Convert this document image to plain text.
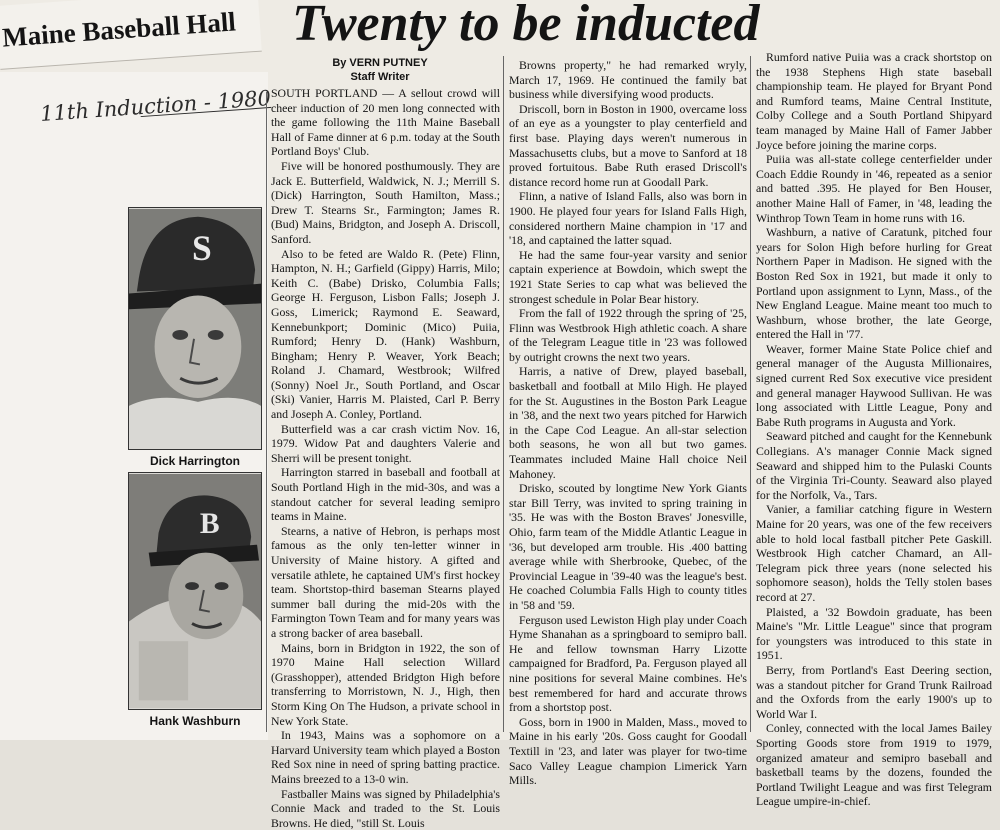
Maine Baseball Hall
11th Induction - 1980
Twenty to be inducted
By VERN PUTNEY
Staff Writer
S
Dick Harrington
B
Hank Washburn

SOUTH PORTLAND — A sellout crowd will cheer induction of 20 men long connected with the game following the 11th Maine Baseball Hall of Fame dinner at 6 p.m. today at the South Portland Boys' Club.

Five will be honored posthumously. They are Jack E. Butterfield, Waldwick, N. J.; Merrill S. (Dick) Harrington, South Hamilton, Mass.; Drew T. Stearns Sr., Farmington; James R. (Bud) Mains, Bridgton, and Joseph A. Driscoll, Sanford.

Also to be feted are Waldo R. (Pete) Flinn, Hampton, N. H.; Garfield (Gippy) Harris, Milo; Keith C. (Babe) Drisko, Columbia Falls; George H. Ferguson, Lisbon Falls; Joseph J. Goss, Limerick; Raymond E. Seaward, Kennebunkport; Dominic (Mico) Puiia, Rumford; Henry D. (Hank) Washburn, Bingham; Henry P. Weaver, York Beach; Roland J. Chamard, Westbrook; Wilfred (Sonny) Noel Jr., South Portland, and Oscar (Ski) Vanier, Harris M. Plaisted, Carl P. Berry and Joseph A. Conley, Portland.

Butterfield was a car crash victim Nov. 16, 1979. Widow Pat and daughters Valerie and Sherri will be present tonight.

Harrington starred in baseball and football at South Portland High in the mid-30s, and was a standout catcher for several leading semipro teams in Maine.

Stearns, a native of Hebron, is perhaps most famous as the only ten-letter winner in University of Maine history. A gifted and versatile athlete, he captained UM's first hockey team. Shortstop-third baseman Stearns played summer ball during the mid-20s with the Farmington Town Team and for many years was a strong backer of area baseball.

Mains, born in Bridgton in 1922, the son of 1970 Maine Hall selection Willard (Grasshopper), attended Bridgton High before transferring to Morristown, N. J., High, then Storm King On The Hudson, a private school in New York State.

In 1943, Mains was a sophomore on a Harvard University team which played a Boston Red Sox nine in need of spring batting practice. Mains breezed to a 13-0 win.

Fastballer Mains was signed by Philadelphia's Connie Mack and traded to the St. Louis Browns. He died, "still St. Louis

Browns property," he had remarked wryly, March 17, 1969. He continued the family bat business while diversifying wood products.

Driscoll, born in Boston in 1900, overcame loss of an eye as a youngster to play centerfield and first base. Playing days weren't numerous in Massachusetts clubs, but a move to Sanford at 18 proved fortuitous. Babe Ruth erased Driscoll's distance record home run at Goodall Park.

Flinn, a native of Island Falls, also was born in 1900. He played four years for Island Falls High, considered northern Maine champion in '17 and '18, and captained the latter squad.

He had the same four-year varsity and senior captain experience at Bowdoin, which swept the 1921 State Series to cap what was believed the strongest schedule in Polar Bear history.

From the fall of 1922 through the spring of '25, Flinn was Westbrook High athletic coach. A share of the Telegram League title in '23 was followed by outright crowns the next two years.

Harris, a native of Drew, played baseball, basketball and football at Milo High. He played for the St. Augustines in the Boston Park League in '38, and the next two years pitched for Harwich in the Cape Cod League. An all-star selection both seasons, he won all but two games. Teammates included Maine Hall choice Neil Mahoney.

Drisko, scouted by longtime New York Giants star Bill Terry, was invited to spring training in '35. He was with the Boston Braves' Jonesville, Ohio, farm team of the Middle Atlantic League in '36, but developed arm trouble. His .400 batting average while with Sherbrooke, Quebec, of the Provincial League in '39-40 was the league's best. He coached Columbia Falls High to county titles in '58 and '59.

Ferguson used Lewiston High play under Coach Hyme Shanahan as a springboard to semipro ball. He and fellow townsman Harry Lizotte campaigned for Bradford, Pa. Ferguson played all nine positions for several Maine combines. He's best remembered for hard and accurate throws from a shortstop post.

Goss, born in 1900 in Malden, Mass., moved to Maine in his early '20s. Goss caught for Goodall Textill in '23, and later was player for two-time Saco Valley League champion Limerick Yarn Mills.

Rumford native Puiia was a crack shortstop on the 1938 Stephens High state baseball championship team. He played for Bryant Pond and Rumford teams, Maine Central Institute, Colby College and a South Portland Shipyard team managed by Maine Hall of Famer Jabber Joyce before joining the marine corps.

Puiia was all-state college centerfielder under Coach Eddie Roundy in '46, repeated as a senior and batted .395. He played for Ben Houser, another Maine Hall of Famer, in '48, leading the Winthrop Town Team in home runs with 16.

Washburn, a native of Caratunk, pitched four years for Solon High before hurling for Great Northern Paper in Madison. He signed with the Boston Red Sox in 1921, but made it only to Portland upon assignment to Lynn, Mass., of the New England League. Maine meant too much to Washburn, whose brother, the late George, entered the Hall in '77.

Weaver, former Maine State Police chief and general manager of the Augusta Millionaires, signed current Red Sox executive vice president and general manager Haywood Sullivan. He was long associated with Little League, Pony and Babe Ruth programs in Augusta and York.

Seaward pitched and caught for the Kennebunk Collegians. A's manager Connie Mack signed Seaward and shipped him to the Pulaski Counts of the Virginia Tri-County. Seaward also played for the Norfolk, Va., Tars.

Vanier, a familiar catching figure in Western Maine for 20 years, was one of the few receivers able to hold local fastball pitcher Pete Gaskill. Westbrook High catcher Chamard, an All-Telegram pick three years (none selected his sophomore season), holds the Telly stolen bases record at 27.

Plaisted, a '32 Bowdoin graduate, has been Maine's "Mr. Little League" since that program for youngsters was introduced to this state in 1951.

Berry, from Portland's East Deering section, was a standout pitcher for Grand Trunk Railroad and the Oxfords from the early 1900's up to World War I.

Conley, connected with the local James Bailey Sporting Goods store from 1919 to 1979, organized amateur and semipro baseball and basketball teams by the dozens, founded the Portland Twilight League and was first Telegram League umpire-in-chief.
